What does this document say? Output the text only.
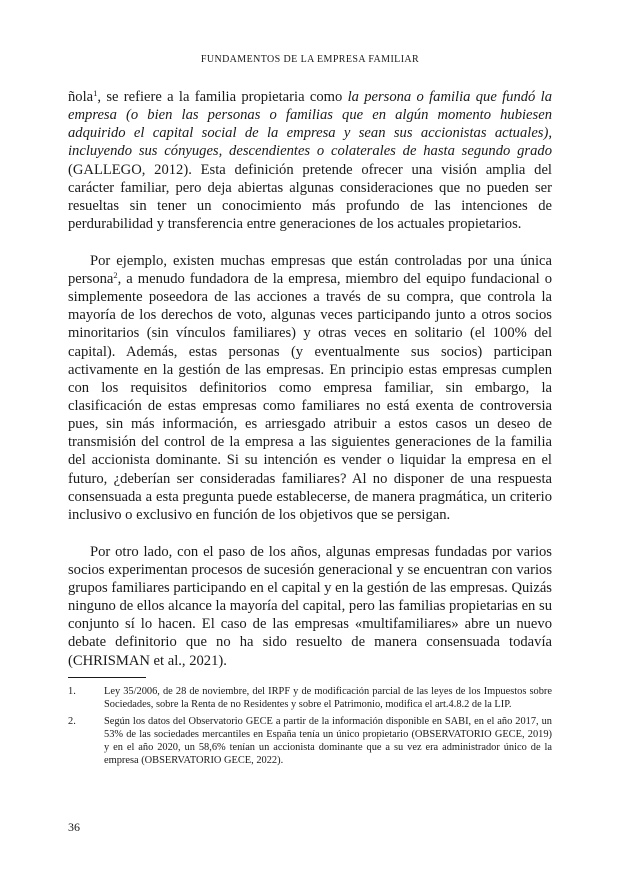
FUNDAMENTOS DE LA EMPRESA FAMILIAR

ñola$^1$, se refiere a la familia propietaria como la persona o familia que fundó la empresa (o bien las personas o familias que en algún momento hubiesen adquirido el capital social de la empresa y sean sus accionistas actuales), incluyendo sus cónyuges, descendientes o colaterales de hasta segundo grado (GALLEGO, 2012). Esta definición pretende ofrecer una visión amplia del carácter familiar, pero deja abiertas algunas consideraciones que no pueden ser resueltas sin tener un conocimiento más profundo de las intenciones de perdurabilidad y transferencia entre generaciones de los actuales propietarios.

Por ejemplo, existen muchas empresas que están controladas por una única persona$^2$, a menudo fundadora de la empresa, miembro del equipo fundacional o simplemente poseedora de las acciones a través de su compra, que controla la mayoría de los derechos de voto, algunas veces participando junto a otros socios minoritarios (sin vínculos familiares) y otras veces en solitario (el 100% del capital). Además, estas personas (y eventualmente sus socios) participan activamente en la gestión de las empresas. En principio estas empresas cumplen con los requisitos definitorios como empresa familiar, sin embargo, la clasificación de estas empresas como familiares no está exenta de controversia pues, sin más información, es arriesgado atribuir a estos casos un deseo de transmisión del control de la empresa a las siguientes generaciones de la familia del accionista dominante. Si su intención es vender o liquidar la empresa en el futuro, ¿deberían ser consideradas familiares? Al no disponer de una respuesta consensuada a esta pregunta puede establecerse, de manera pragmática, un criterio inclusivo o exclusivo en función de los objetivos que se persigan.

Por otro lado, con el paso de los años, algunas empresas fundadas por varios socios experimentan procesos de sucesión generacional y se encuentran con varios grupos familiares participando en el capital y en la gestión de las empresas. Quizás ninguno de ellos alcance la mayoría del capital, pero las familias propietarias en su conjunto sí lo hacen. El caso de las empresas «multifamiliares» abre un nuevo debate definitorio que no ha sido resuelto de manera consensuada todavía (CHRISMAN et al., 2021).

1.	Ley 35/2006, de 28 de noviembre, del IRPF y de modificación parcial de las leyes de los Impuestos sobre Sociedades, sobre la Renta de no Residentes y sobre el Patrimonio, modifica el art.4.8.2 de la LIP.
2.	Según los datos del Observatorio GECE a partir de la información disponible en SABI, en el año 2017, un 53% de las sociedades mercantiles en España tenía un único propietario (OBSERVATORIO GECE, 2019) y en el año 2020, un 58,6% tenían un accionista dominante que a su vez era administrador único de la empresa (OBSERVATORIO GECE, 2022).
36
